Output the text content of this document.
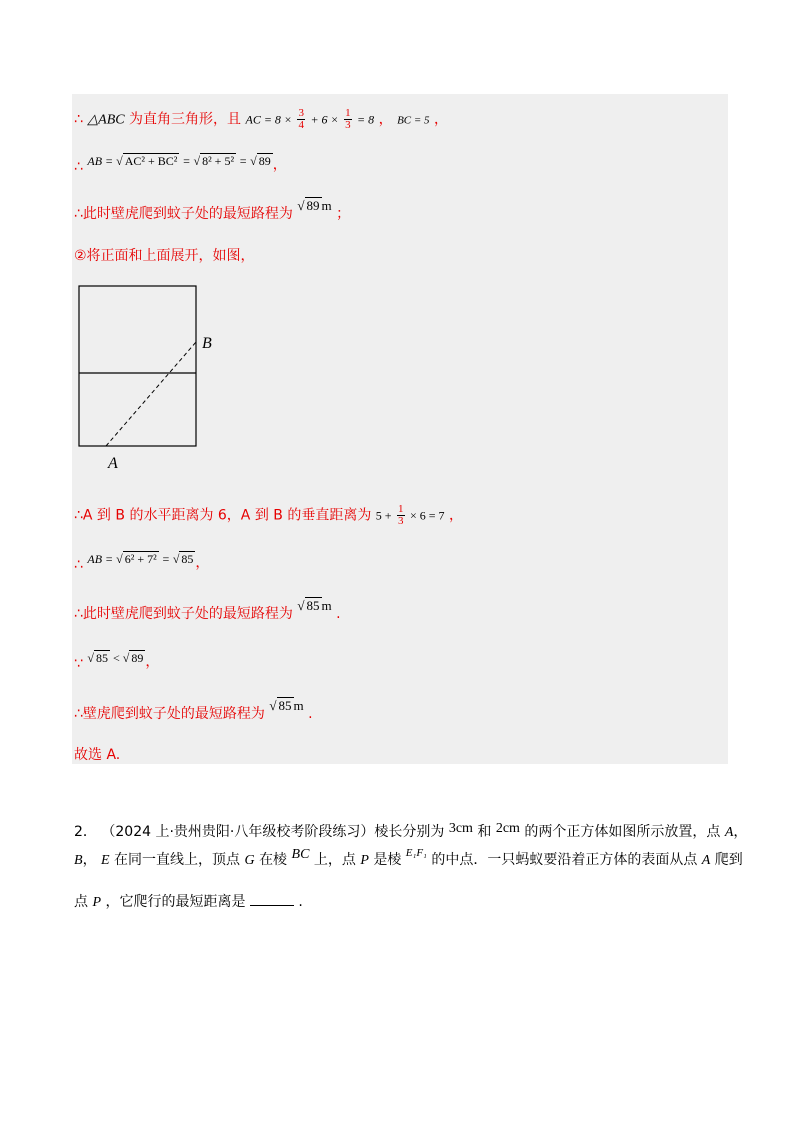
∴ △ABC 为直角三角形，且 AC = $8 \times \frac{3}{4} + 6 \times \frac{1}{3} = 8$ ， BC = 5 ，
∴ AB = √ AC² + BC² = √ 8² + 5² = √ 89 ，
∴此时壁虎爬到蚊子处的最短路程为 √ 89 m ；
②将正面和上面展开，如图，
B
A
∴A 到 B 的水平距离为 6，A 到 B 的垂直距离为 $5 + \frac{1}{3} \times 6 = 7$ ，
∴ AB = √ 6² + 7² = √ 85 ，
∴此时壁虎爬到蚊子处的最短路程为 √ 85 m .
∵ √ 85 < √ 89 ，
∴壁虎爬到蚊子处的最短路程为 √ 85 m .
故选 A.
2． （2024 上·贵州贵阳·八年级校考阶段练习）棱长分别为 3cm 和 2cm 的两个正方体如图所示放置，点 A，
B， E 在同一直线上，顶点 G 在棱 BC 上，点 P 是棱 $^{E_1F_1}$ 的中点．一只蚂蚁要沿着正方体的表面从点 A 爬到
点 P ，它爬行的最短距离是	.
